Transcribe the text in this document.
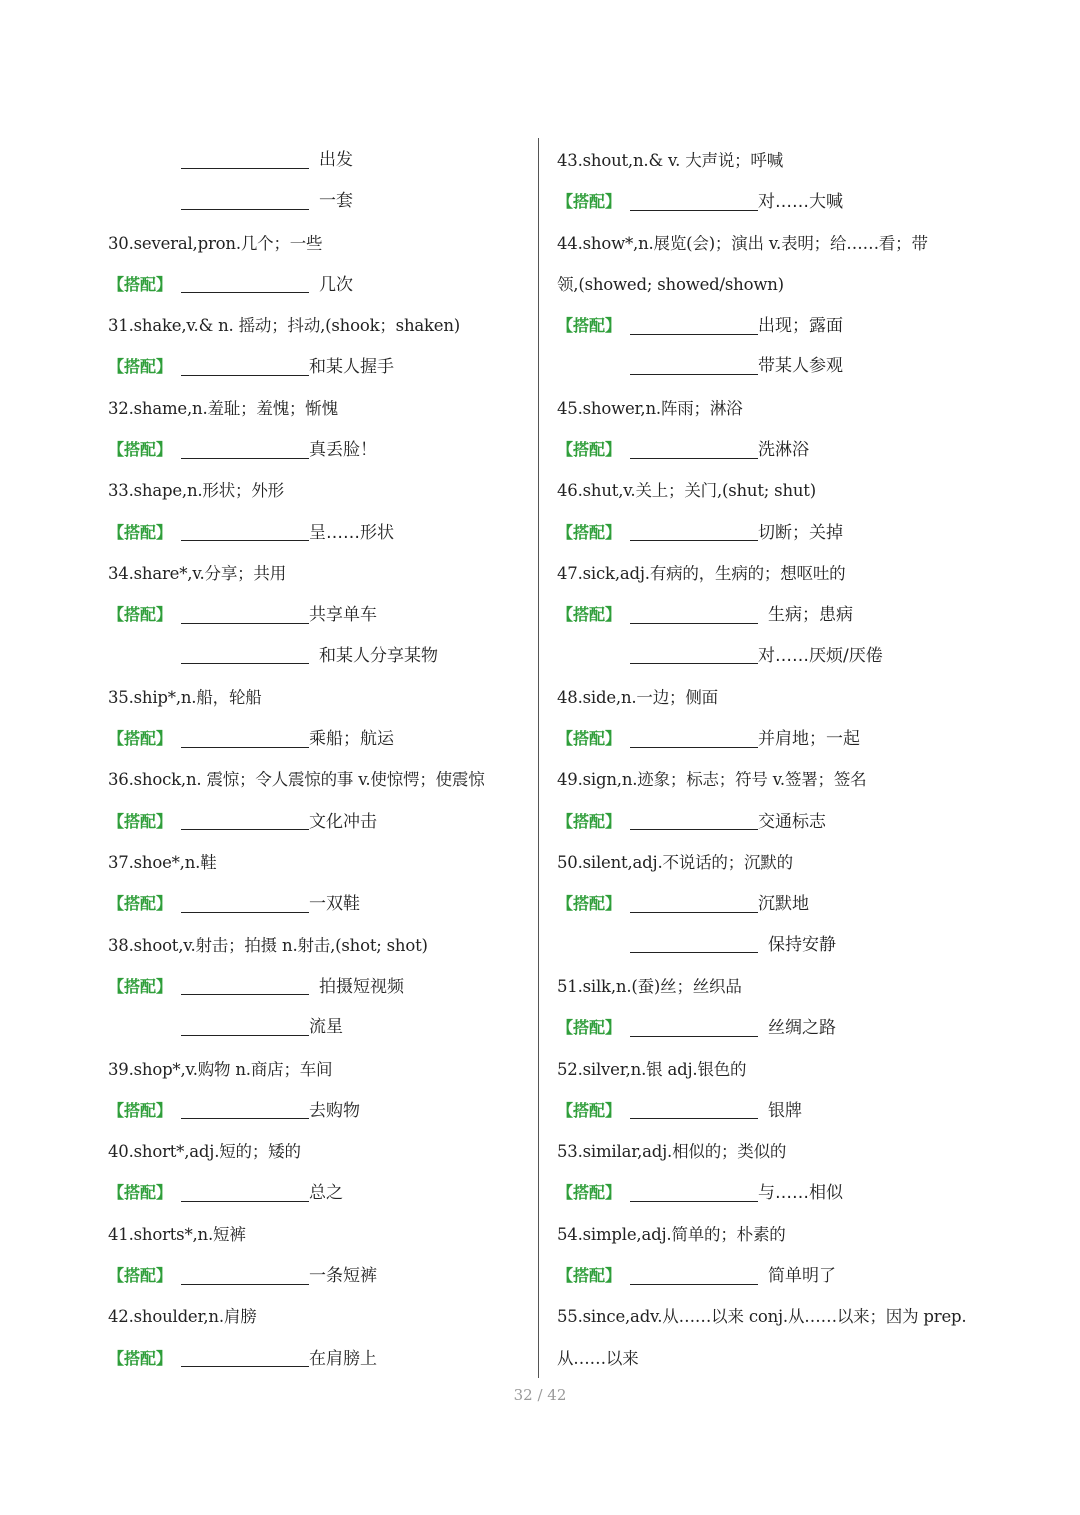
出发
一套
30.several,pron.几个；一些
【搭配】	几次
31.shake,v.& n. 摇动；抖动,(shook；shaken)
【搭配】	和某人握手
32.shame,n.羞耻；羞愧；惭愧
【搭配】	真丢脸！
33.shape,n.形状；外形
【搭配】	呈……形状
34.share*,v.分享；共用
【搭配】	共享单车
和某人分享某物
35.ship*,n.船，轮船
【搭配】	乘船；航运
36.shock,n. 震惊；令人震惊的事 v.使惊愕；使震惊
【搭配】	文化冲击
37.shoe*,n.鞋
【搭配】	一双鞋
38.shoot,v.射击；拍摄 n.射击,(shot; shot)
【搭配】	拍摄短视频
流星
39.shop*,v.购物 n.商店；车间
【搭配】	去购物
40.short*,adj.短的；矮的
【搭配】	总之
41.shorts*,n.短裤
【搭配】	一条短裤
42.shoulder,n.肩膀
【搭配】	在肩膀上
43.shout,n.& v. 大声说；呼喊
【搭配】	对……大喊
44.show*,n.展览(会)；演出 v.表明；给……看；带
领,(showed; showed/shown)
【搭配】	出现；露面
带某人参观
45.shower,n.阵雨；淋浴
【搭配】	洗淋浴
46.shut,v.关上；关门,(shut; shut)
【搭配】	切断；关掉
47.sick,adj.有病的，生病的；想呕吐的
【搭配】	生病；患病
对……厌烦/厌倦
48.side,n.一边；侧面
【搭配】	并肩地；一起
49.sign,n.迹象；标志；符号 v.签署；签名
【搭配】	交通标志
50.silent,adj.不说话的；沉默的
【搭配】	沉默地
保持安静
51.silk,n.(蚕)丝；丝织品
【搭配】	丝绸之路
52.silver,n.银 adj.银色的
【搭配】	银牌
53.similar,adj.相似的；类似的
【搭配】	与……相似
54.simple,adj.简单的；朴素的
【搭配】	简单明了
55.since,adv.从……以来 conj.从……以来；因为 prep.
从……以来
32 / 42
